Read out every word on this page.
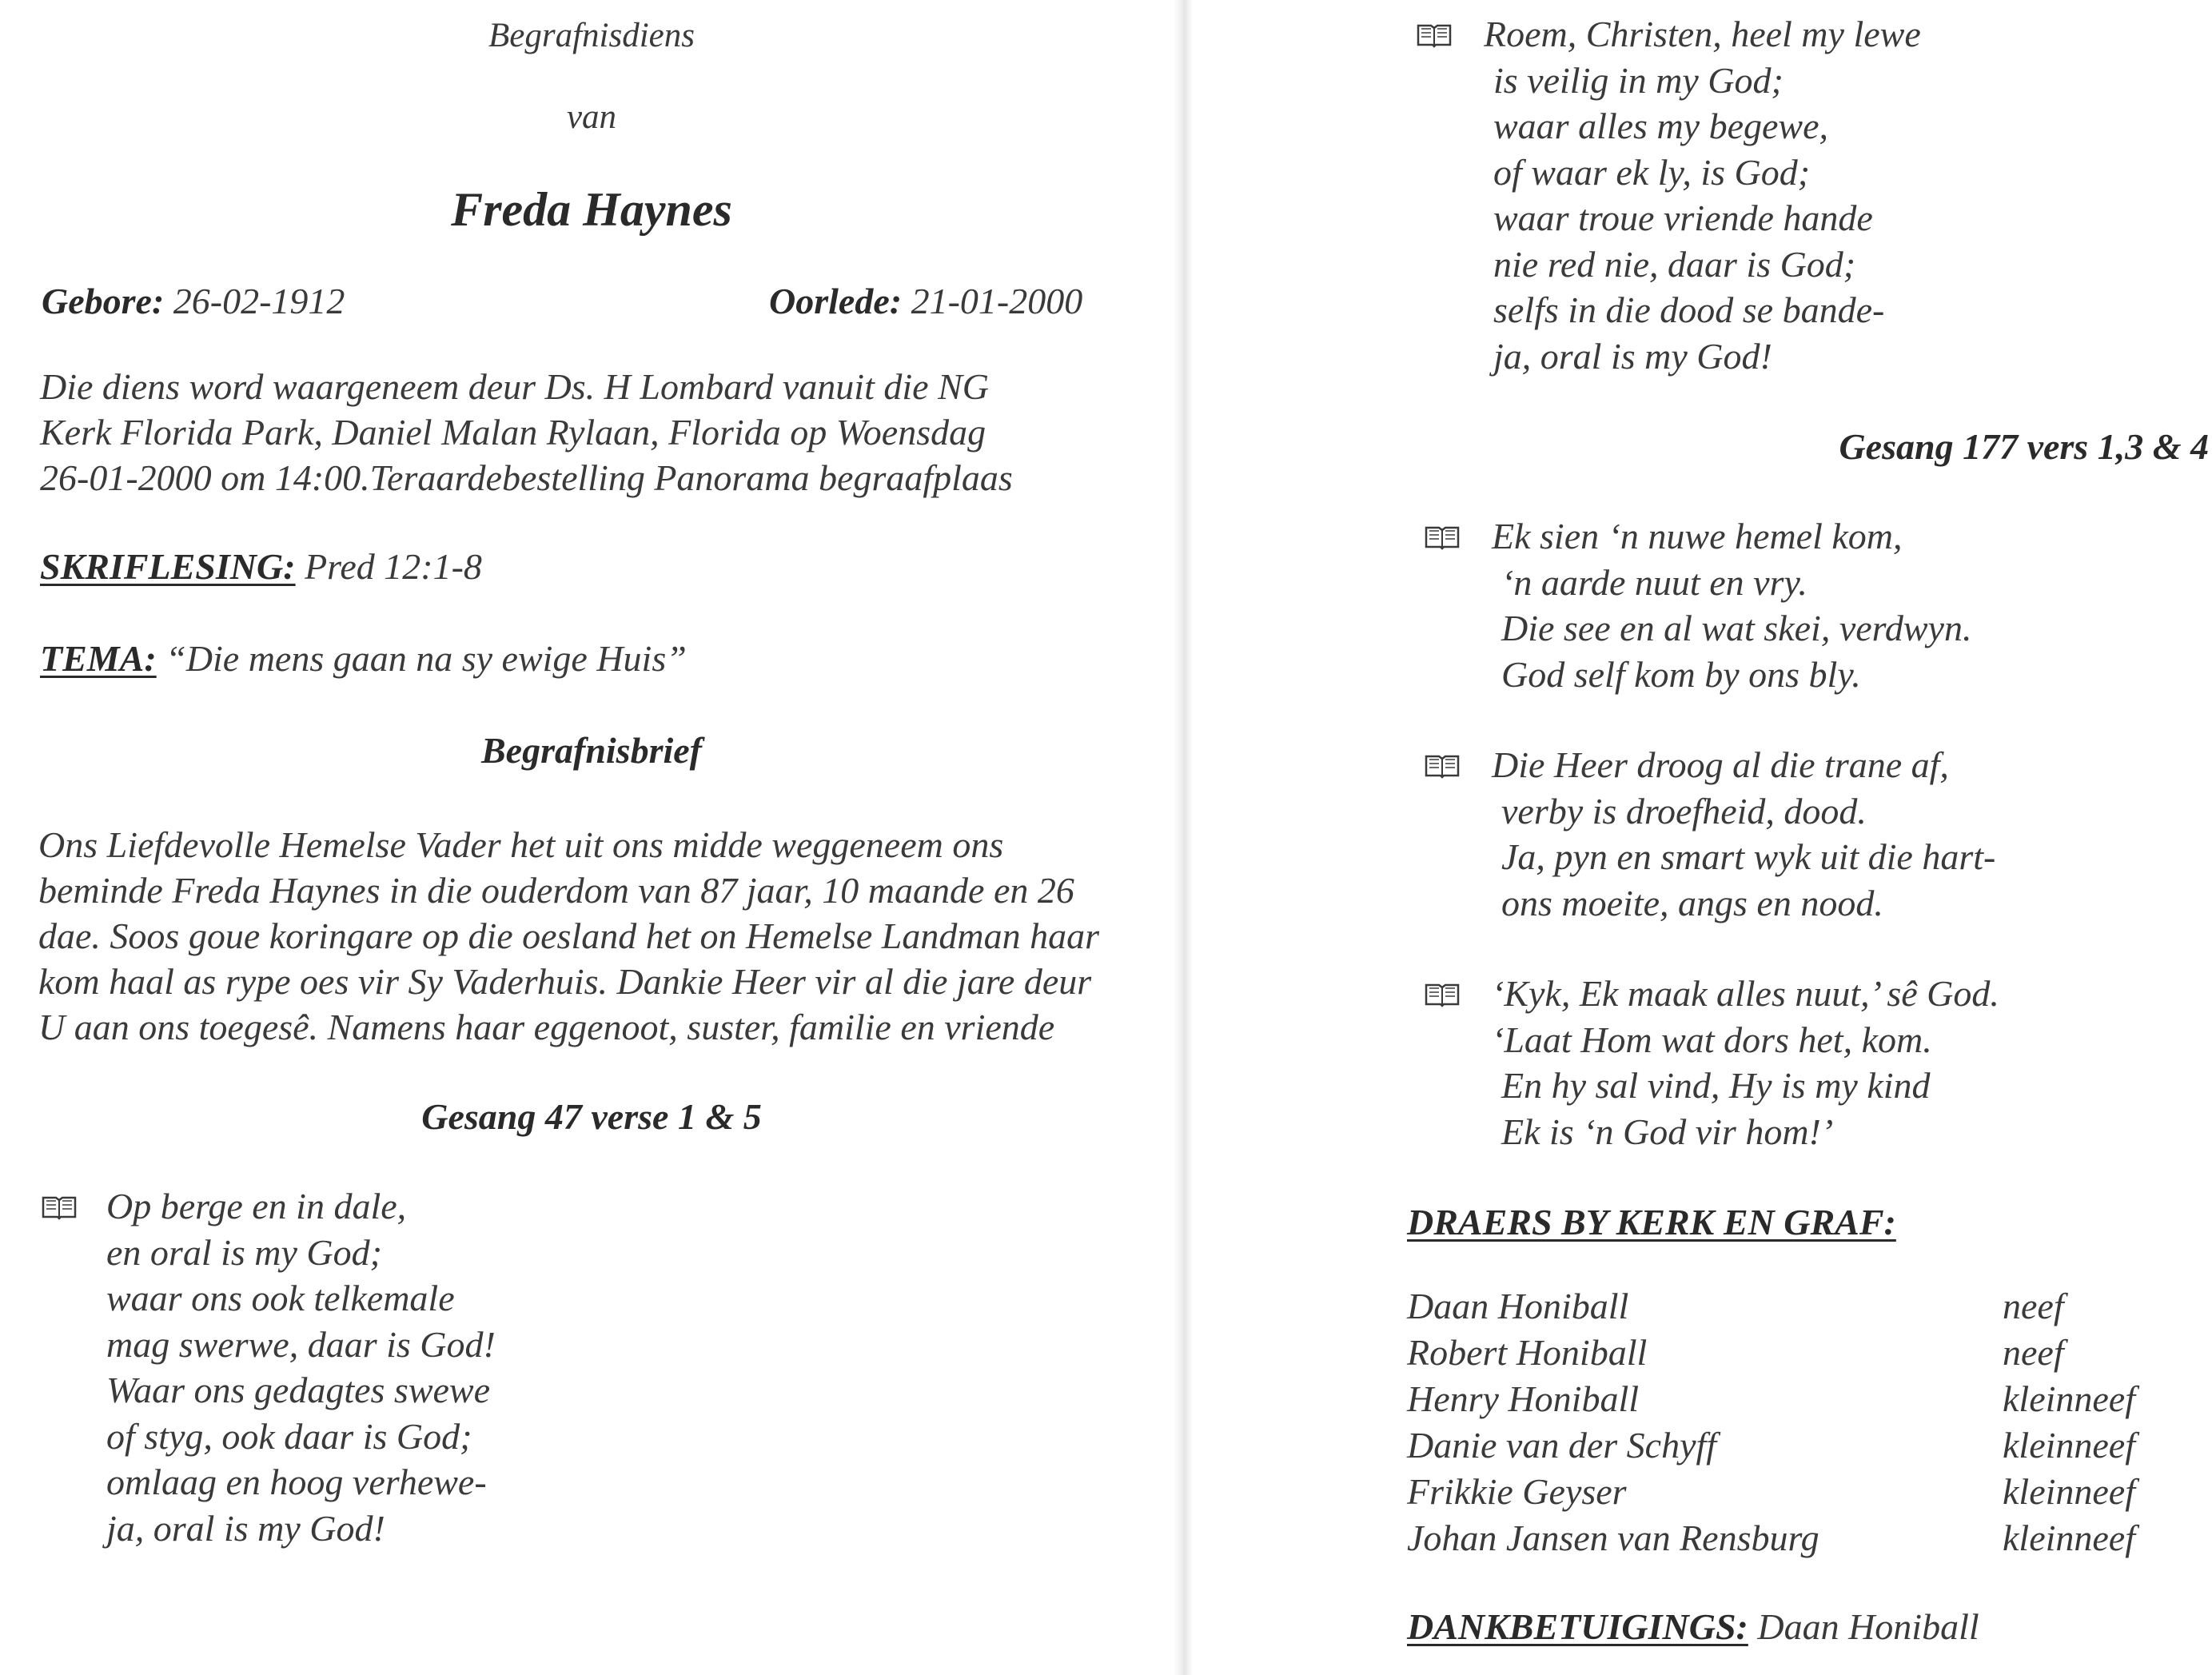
Begrafnisdiens
van
Freda Haynes
Gebore: 26-02-1912	Oorlede: 21-01-2000
Die diens word waargeneem deur Ds. H Lombard vanuit die NG
Kerk Florida Park, Daniel Malan Rylaan, Florida op Woensdag
26-01-2000 om 14:00.Teraardebestelling Panorama begraafplaas
SKRIFLESING: Pred 12:1-8
TEMA: “Die mens gaan na sy ewige Huis”
Begrafnisbrief
Ons Liefdevolle Hemelse Vader het uit ons midde weggeneem ons
beminde Freda Haynes in die ouderdom van 87 jaar, 10 maande en 26
dae. Soos goue koringare op die oesland het on Hemelse Landman haar
kom haal as rype oes vir Sy Vaderhuis. Dankie Heer vir al die jare deur
U aan ons toegesê. Namens haar eggenoot, suster, familie en vriende
Gesang 47 verse 1 & 5
Op berge en in dale,
en oral is my God;
waar ons ook telkemale
mag swerwe, daar is God!
Waar ons gedagtes swewe
of styg, ook daar is God;
omlaag en hoog verhewe-
ja, oral is my God!
Roem, Christen, heel my lewe
is veilig in my God;
waar alles my begewe,
of waar ek ly, is God;
waar troue vriende hande
nie red nie, daar is God;
selfs in die dood se bande-
ja, oral is my God!
Gesang 177 vers 1,3 & 4
Ek sien ‘n nuwe hemel kom,
‘n aarde nuut en vry.
Die see en al wat skei, verdwyn.
God self kom by ons bly.
Die Heer droog al die trane af,
verby is droefheid, dood.
Ja, pyn en smart wyk uit die hart-
ons moeite, angs en nood.
‘Kyk, Ek maak alles nuut,’ sê God.
‘Laat Hom wat dors het, kom.
En hy sal vind, Hy is my kind
Ek is ‘n God vir hom!’
DRAERS BY KERK EN GRAF:
Daan Honiball	neef
Robert Honiball	neef
Henry Honiball	kleinneef
Danie van der Schyff	kleinneef
Frikkie Geyser	kleinneef
Johan Jansen van Rensburg	kleinneef
DANKBETUIGINGS: Daan Honiball
